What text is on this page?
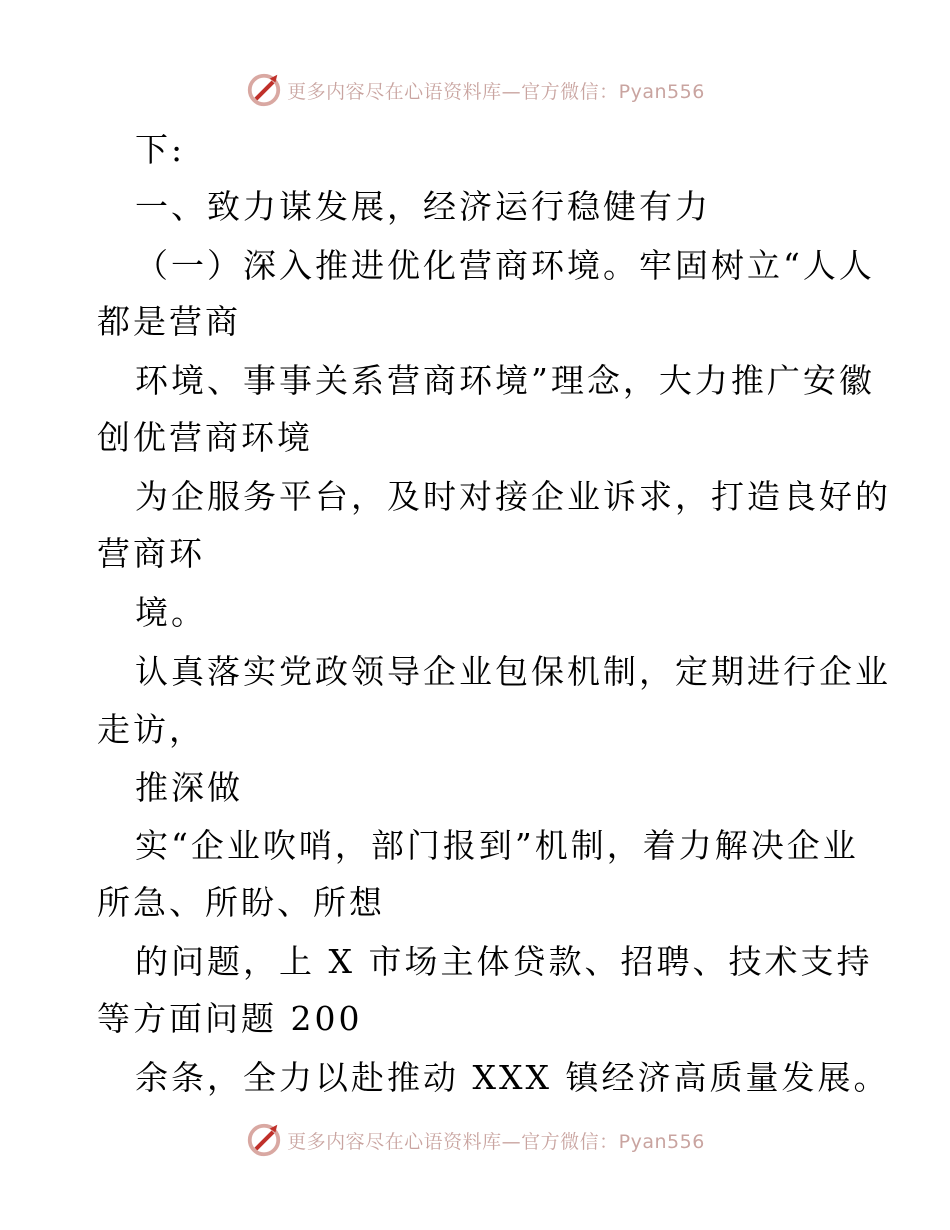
更多内容尽在心语资料库—官方微信：Pyan556
下:
一、致力谋发展，经济运行稳健有力
（一）深入推进优化营商环境。牢固树立“人人
都是营商
环境、事事关系营商环境”理念，大力推广安徽
创优营商环境
为企服务平台，及时对接企业诉求，打造良好的
营商环
境。
认真落实党政领导企业包保机制，定期进行企业
走访，
推深做
实“企业吹哨，部门报到”机制，着力解决企业
所急、所盼、所想
的问题，上 X 市场主体贷款、招聘、技术支持
等方面问题 200
余条，全力以赴推动 XXX 镇经济高质量发展。
更多内容尽在心语资料库—官方微信：Pyan556
